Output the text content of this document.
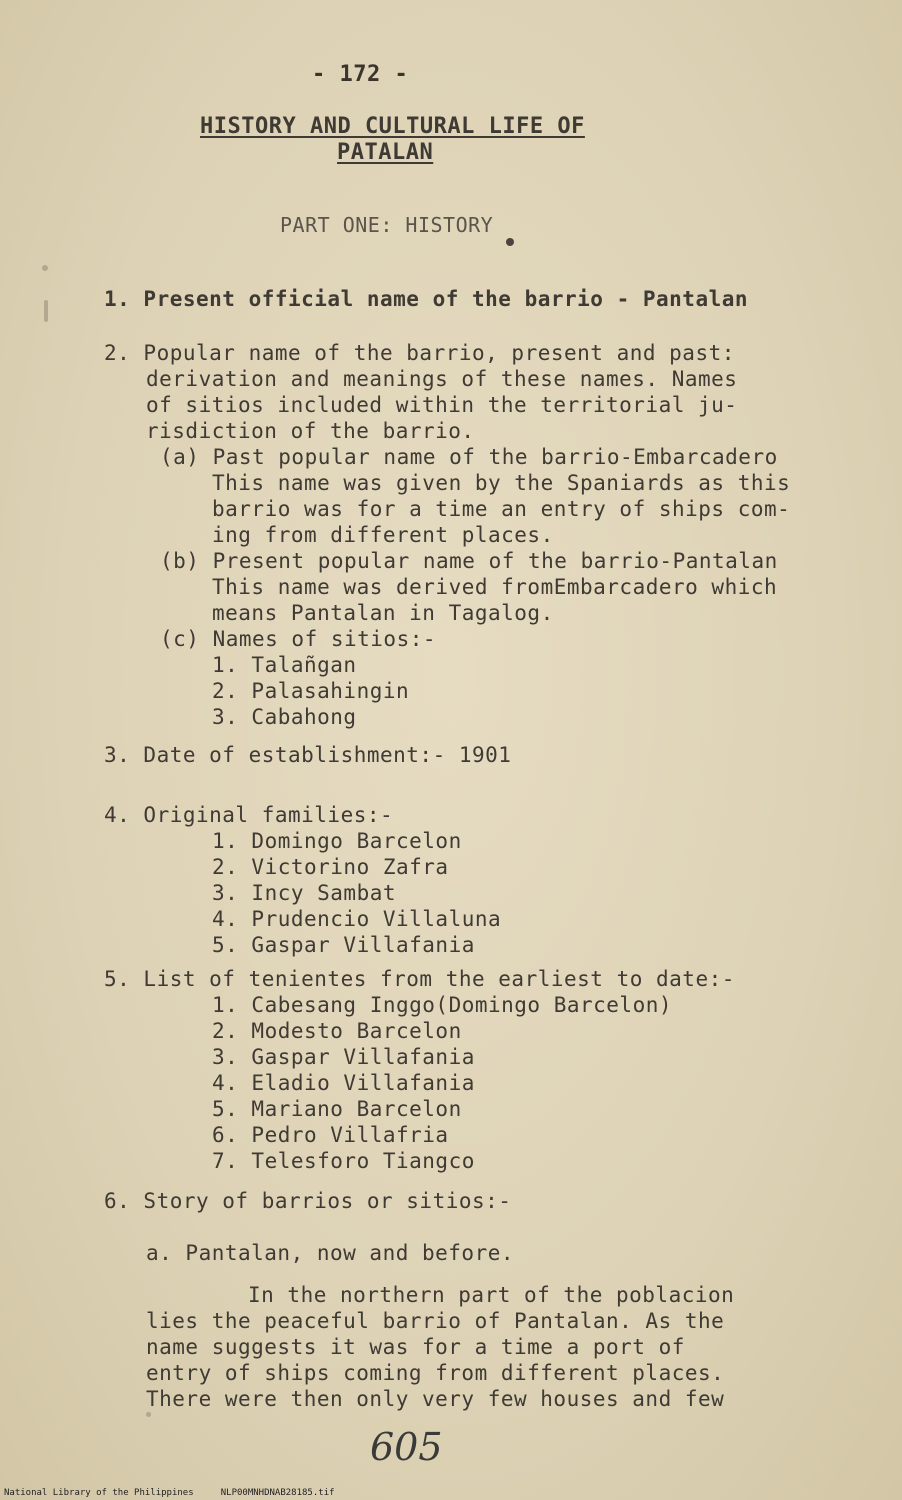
- 172 -
HISTORY AND CULTURAL LIFE OF
PATALAN
PART ONE: HISTORY
1. Present official name of the barrio - Pantalan
2. Popular name of the barrio, present and past:
derivation and meanings of these names. Names
of sitios included within the territorial ju-
risdiction of the barrio.
(a) Past popular name of the barrio-Embarcadero
This name was given by the Spaniards as this
barrio was for a time an entry of ships com-
ing from different places.
(b) Present popular name of the barrio-Pantalan
This name was derived fromEmbarcadero which
means Pantalan in Tagalog.
(c) Names of sitios:-
1. Talañgan
2. Palasahingin
3. Cabahong
3. Date of establishment:- 1901
4. Original families:-
1. Domingo Barcelon
2. Victorino Zafra
3. Incy Sambat
4. Prudencio Villaluna
5. Gaspar Villafania
5. List of tenientes from the earliest to date:-
1. Cabesang Inggo(Domingo Barcelon)
2. Modesto Barcelon
3. Gaspar Villafania
4. Eladio Villafania
5. Mariano Barcelon
6. Pedro Villafria
7. Telesforo Tiangco
6. Story of barrios or sitios:-
a. Pantalan, now and before.
In the northern part of the poblacion
lies the peaceful barrio of Pantalan. As the
name suggests it was for a time a port of
entry of ships coming from different places.
There were then only very few houses and few
605
National Library of the Philippines     NLP00MNHDNAB28185.tif
